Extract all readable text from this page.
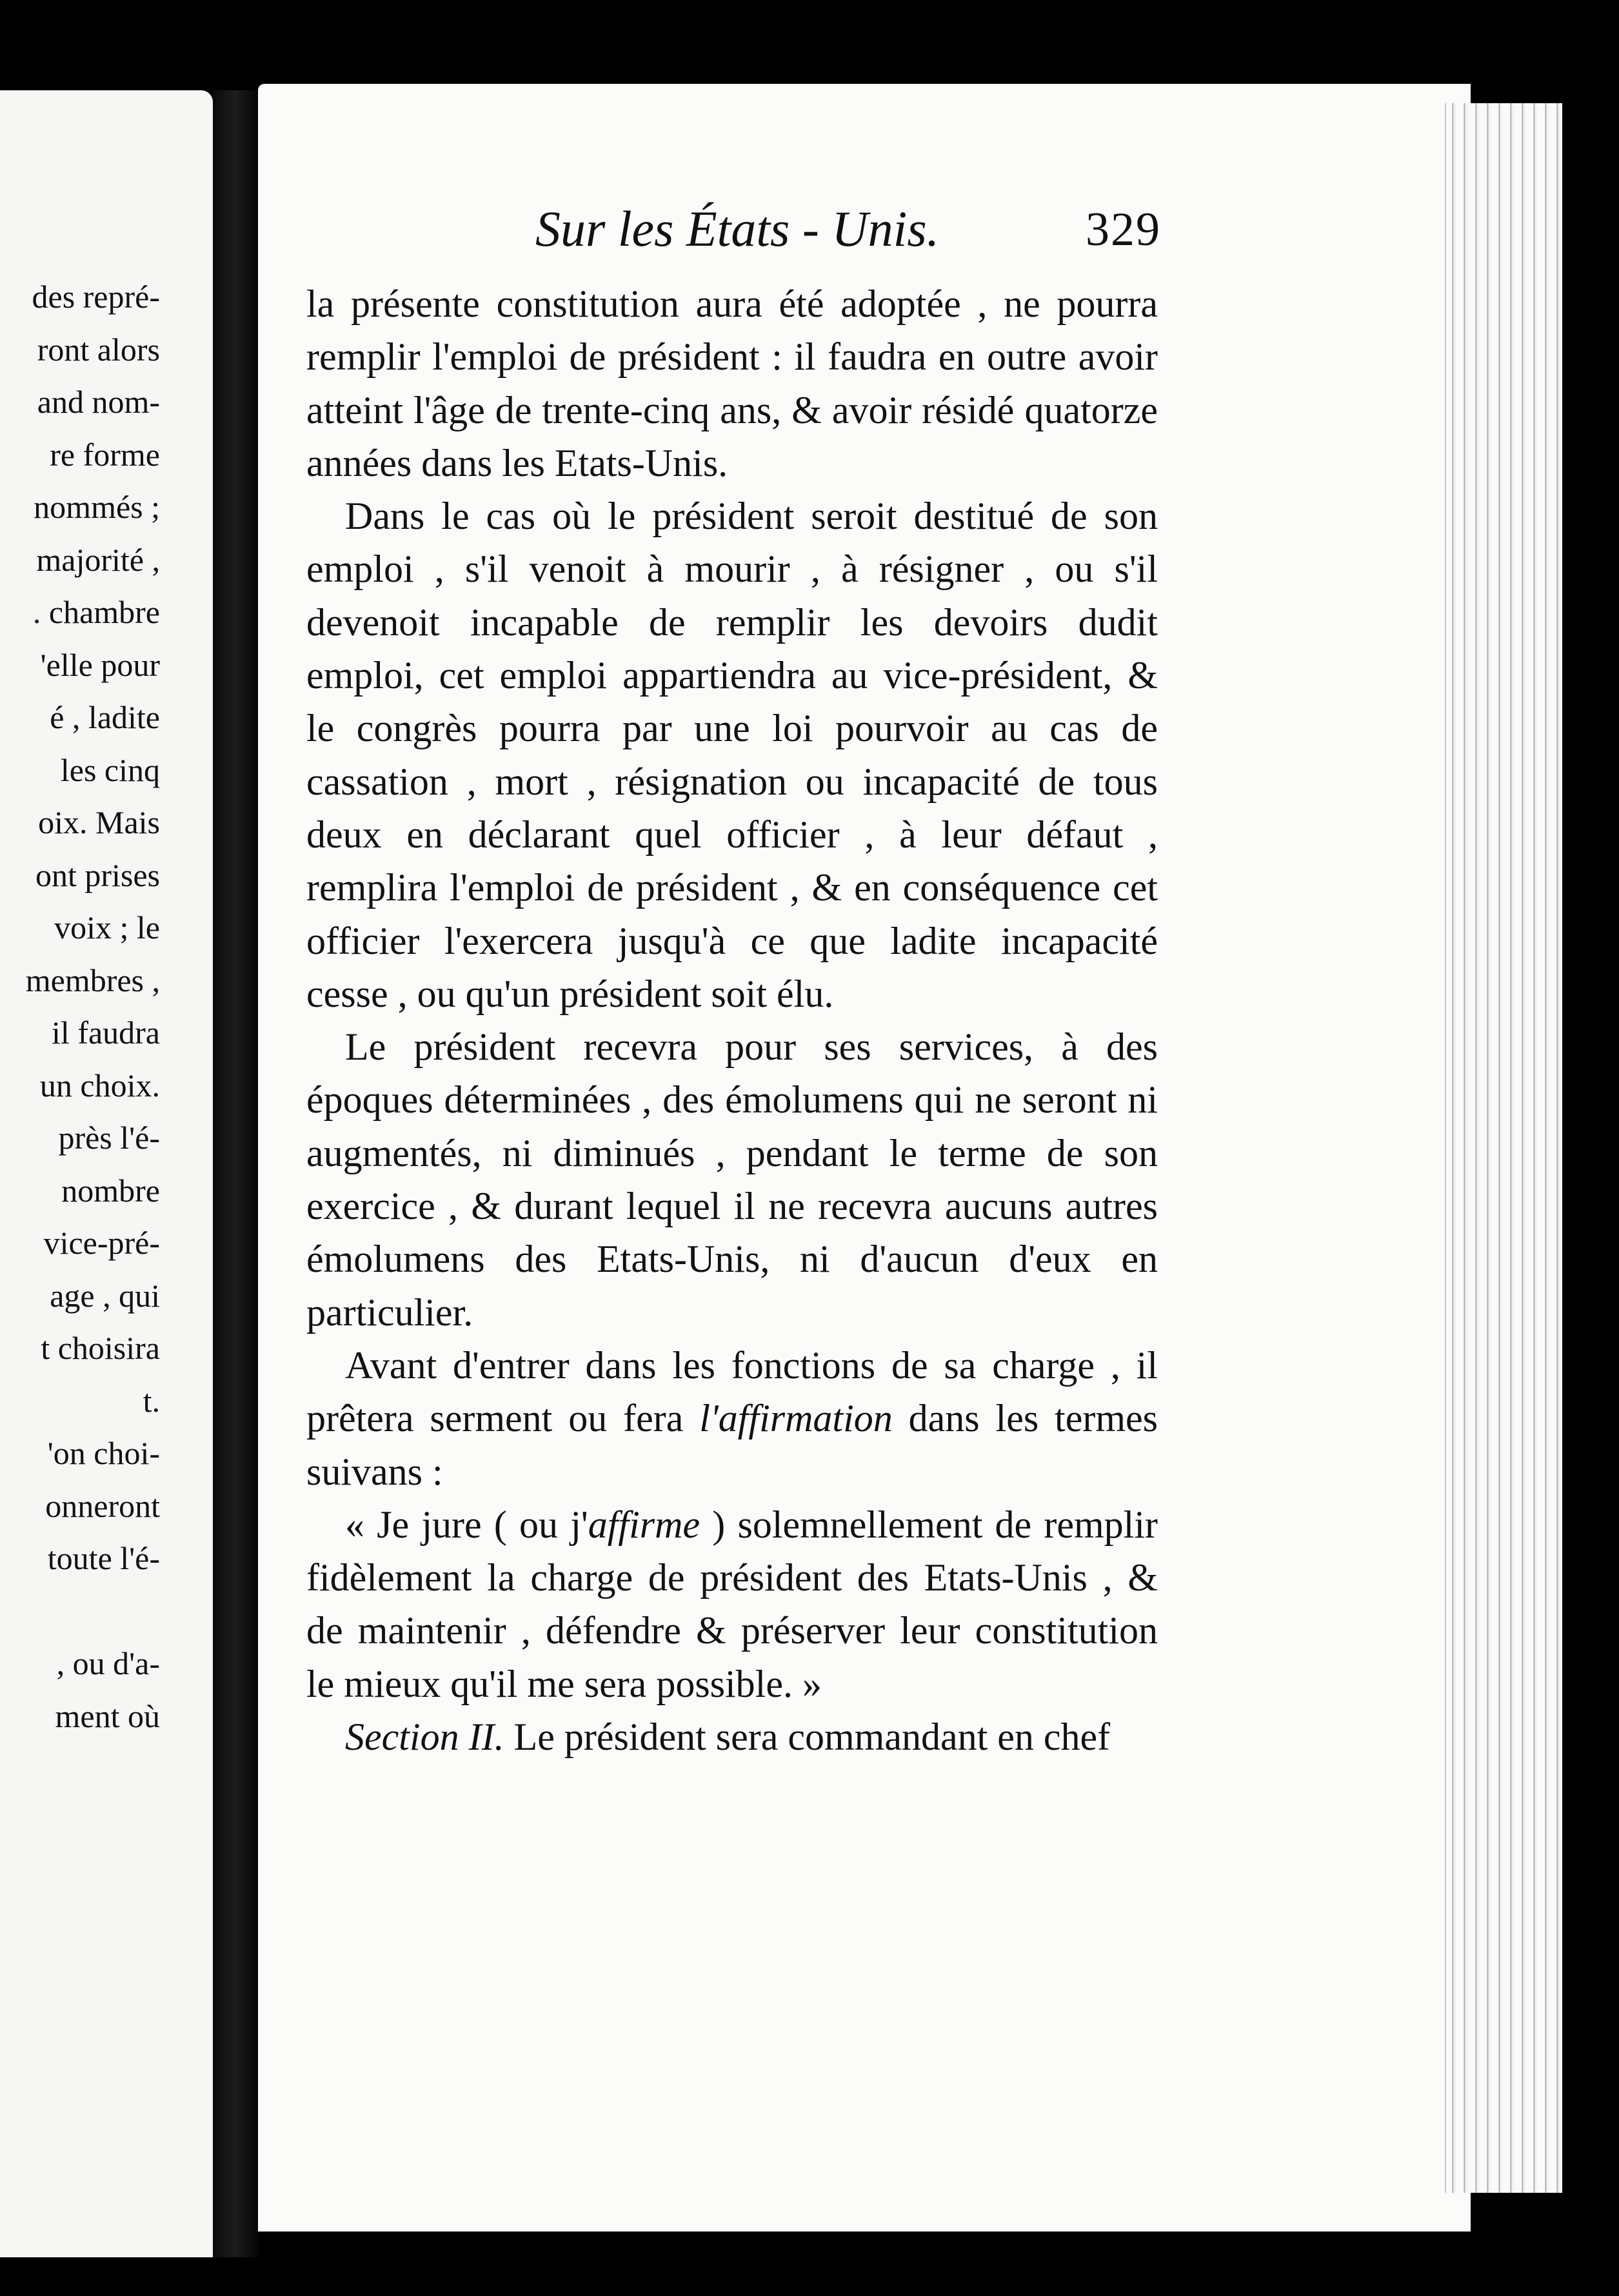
des repré-
ront alors
and nom-
re forme
nommés ;
majorité ,
. chambre
'elle pour
é , ladite
les cinq
oix. Mais
ont prises
voix ; le
membres ,
il faudra
un choix.
près l'é-
nombre
vice-pré-
age , qui
t choisira
t.
'on choi-
onneront
toute l'é-
, ou d'a-
ment où
Sur les États - Unis.	329

la présente constitution aura été adoptée , ne pourra remplir l'emploi de président : il faudra en outre avoir atteint l'âge de trente-cinq ans, & avoir résidé quatorze années dans les Etats-Unis.

Dans le cas où le président seroit destitué de son emploi , s'il venoit à mourir , à résigner , ou s'il devenoit incapable de remplir les devoirs dudit emploi, cet emploi appartiendra au vice-président, & le congrès pourra par une loi pourvoir au cas de cassation , mort , résignation ou incapacité de tous deux en déclarant quel officier , à leur défaut , remplira l'emploi de président , & en conséquence cet officier l'exercera jusqu'à ce que ladite incapacité cesse , ou qu'un président soit élu.

Le président recevra pour ses services, à des époques déterminées , des émolumens qui ne seront ni augmentés, ni diminués , pendant le terme de son exercice , & durant lequel il ne recevra aucuns autres émolumens des Etats-Unis, ni d'aucun d'eux en particulier.

Avant d'entrer dans les fonctions de sa charge , il prêtera serment ou fera l'affirmation dans les termes suivans :

« Je jure ( ou j'affirme ) solemnellement de remplir fidèlement la charge de président des Etats-Unis , & de maintenir , défendre & préserver leur constitution le mieux qu'il me sera possible. »

Section II. Le président sera commandant en chef
